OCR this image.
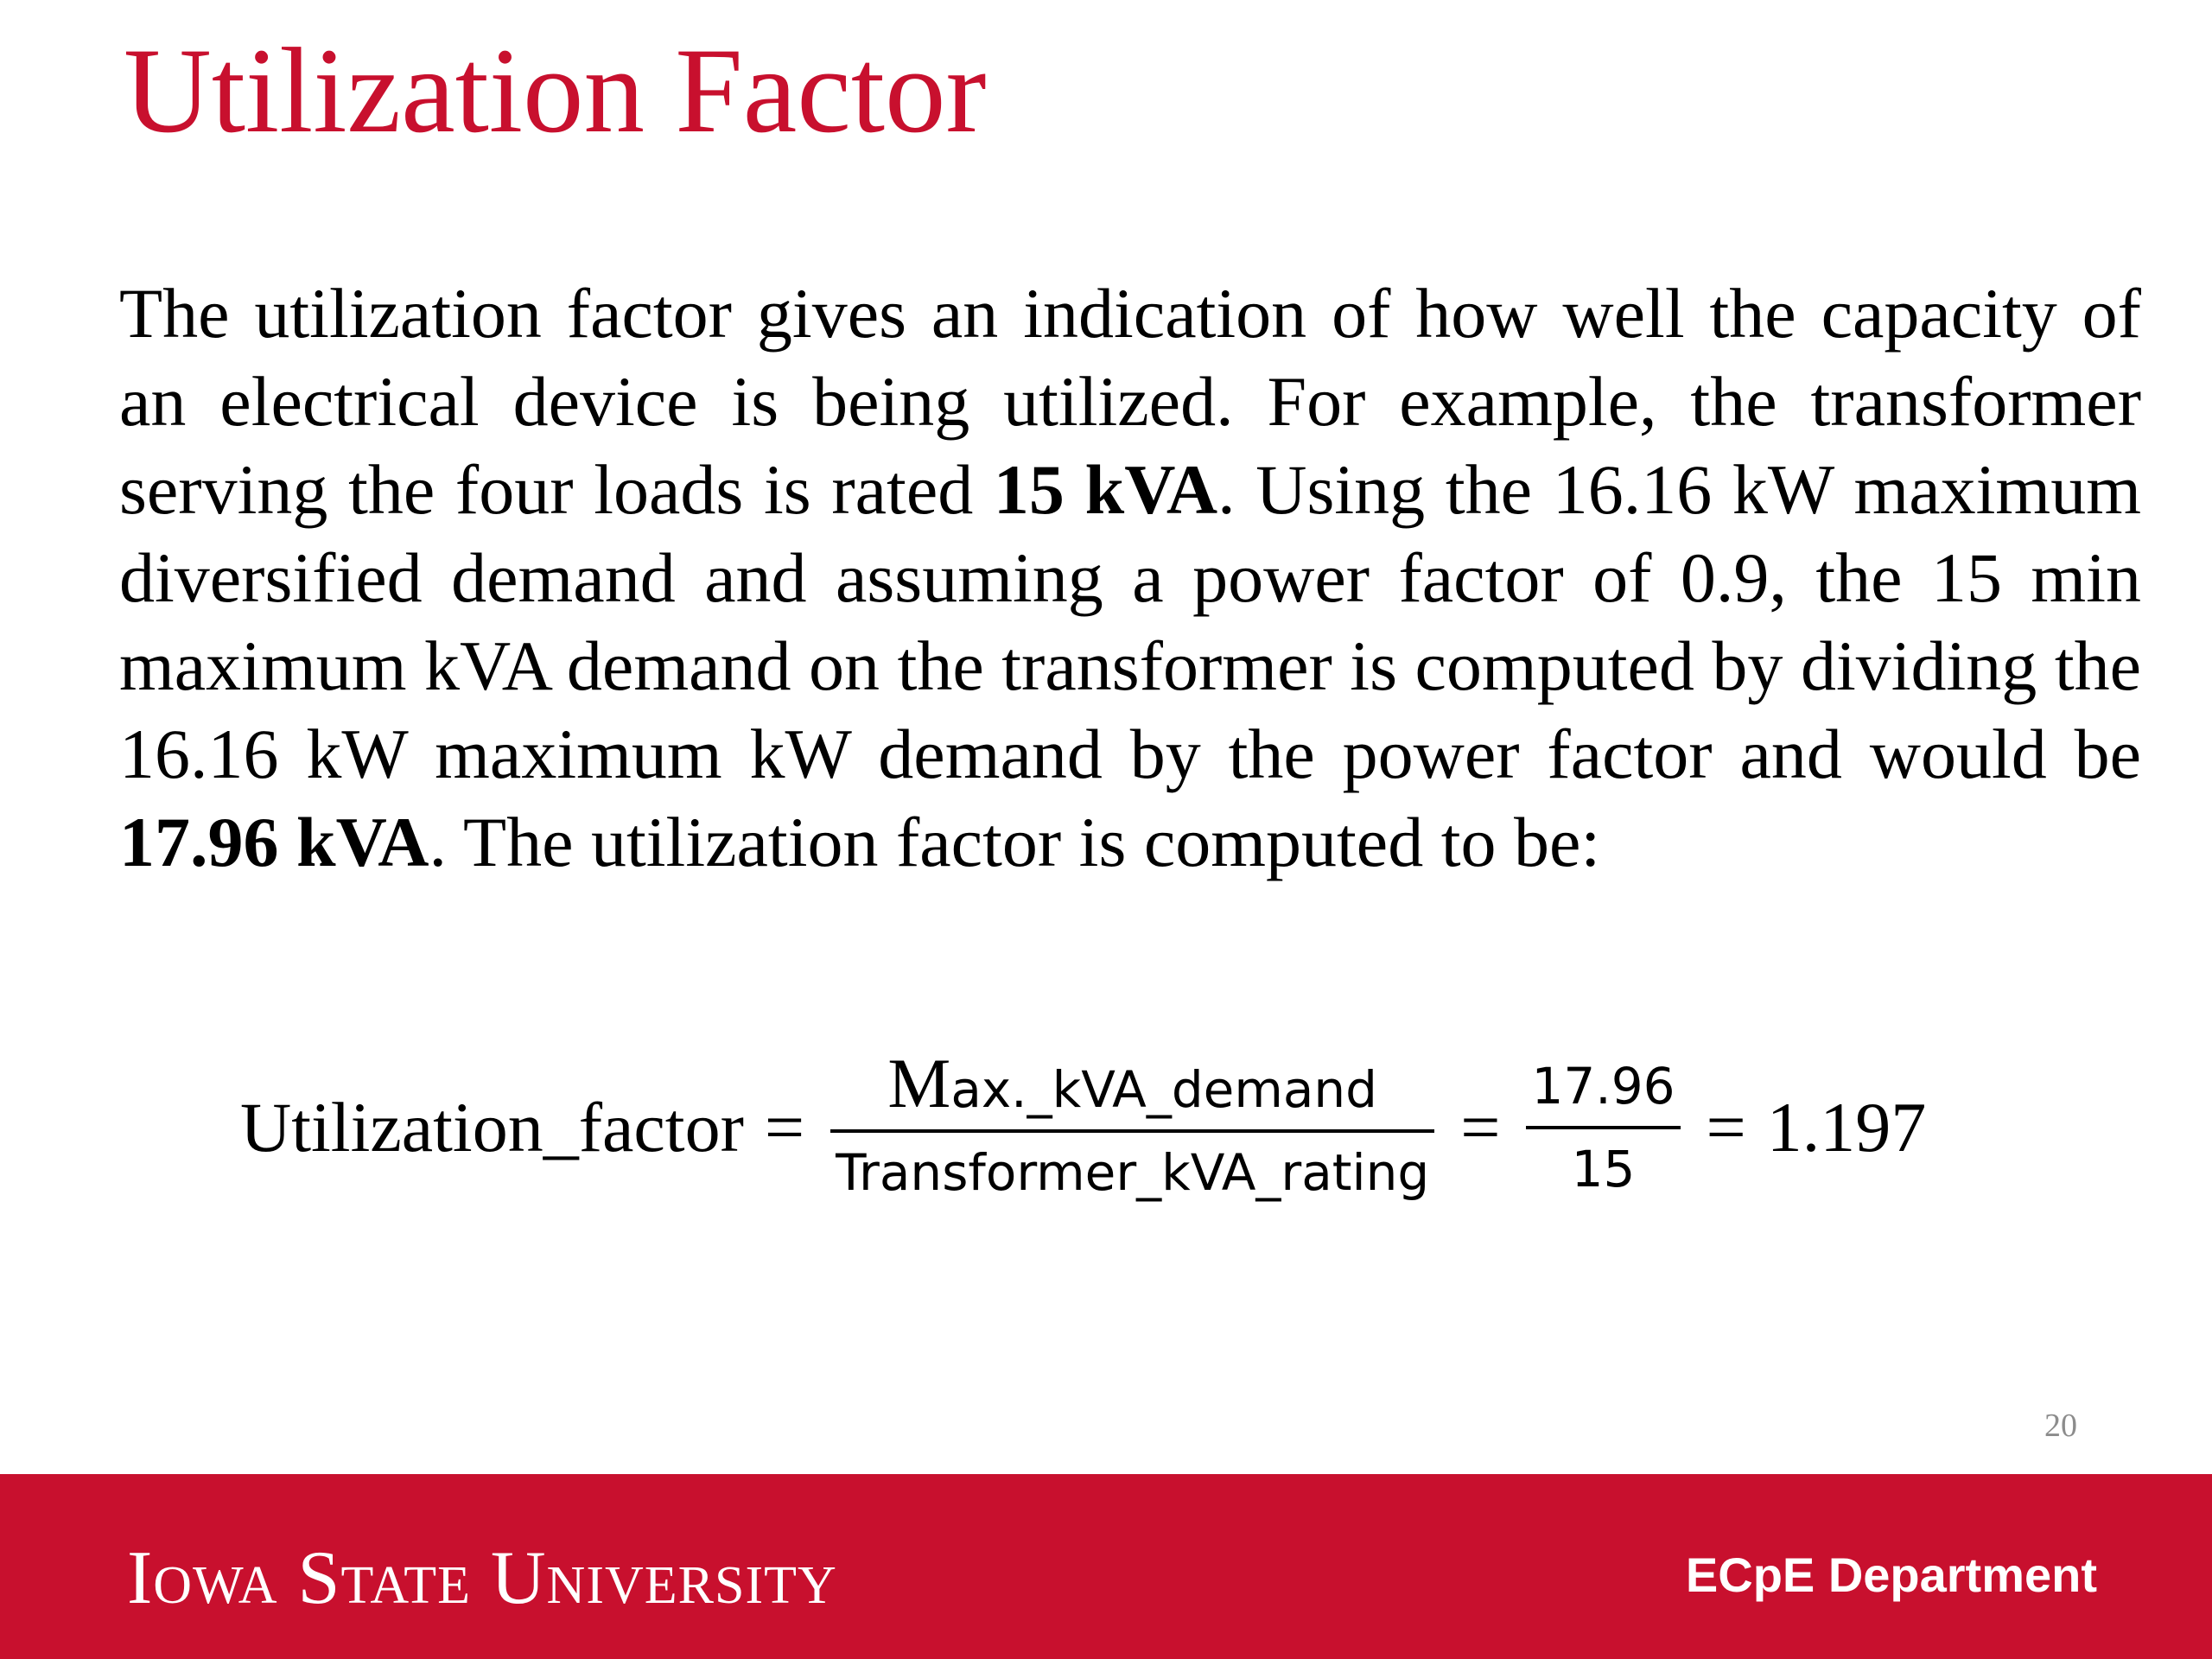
Utilization Factor

The utilization factor gives an indication of how well the capacity of an electrical device is being utilized. For example, the transformer serving the four loads is rated 15 kVA. Using the 16.16 kW maximum diversified demand and assuming a power factor of 0.9, the 15 min maximum kVA demand on the transformer is computed by dividing the 16.16 kW maximum kW demand by the power factor and would be 17.96 kVA. The utilization factor is computed to be:

Utilization_factor = $\frac{\text{Max.\_kVA\_demand}}{\text{Transformer\_kVA\_rating}} = \frac{17.96}{15} = 1.197$
20
Iowa State University	ECpE Department
